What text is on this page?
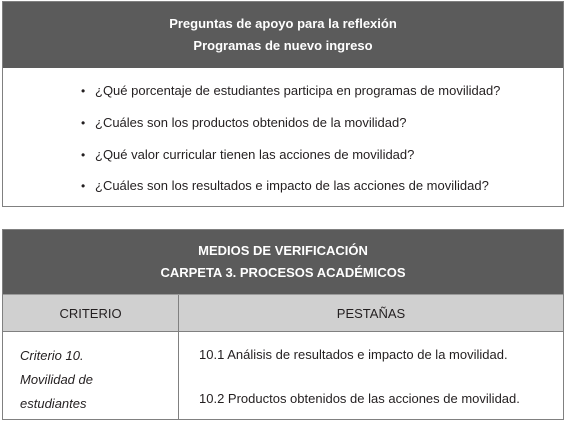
Preguntas de apoyo para la reflexión
Programas de nuevo ingreso
• ¿Qué porcentaje de estudiantes participa en programas de movilidad?
• ¿Cuáles son los productos obtenidos de la movilidad?
• ¿Qué valor curricular tienen las acciones de movilidad?
• ¿Cuáles son los resultados e impacto de las acciones de movilidad?
MEDIOS DE VERIFICACIÓN
CARPETA 3. PROCESOS ACADÉMICOS
CRITERIO	PESTAÑAS
Criterio 10.
Movilidad de
estudiantes
10.1 Análisis de resultados e impacto de la movilidad.
10.2 Productos obtenidos de las acciones de movilidad.
